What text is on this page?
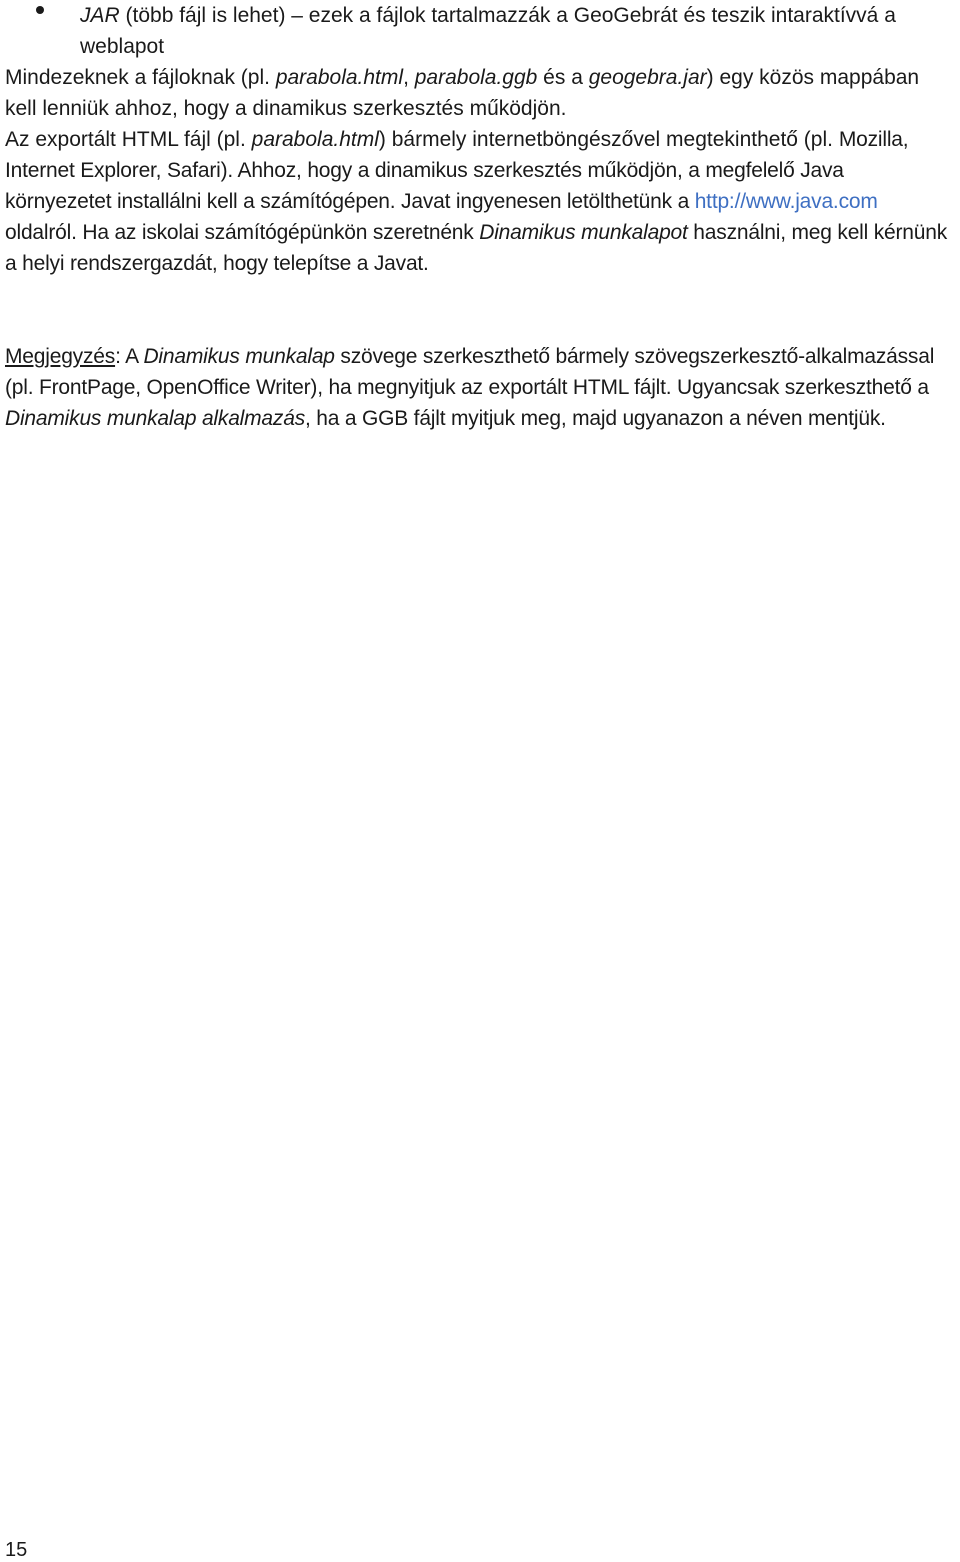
JAR (több fájl is lehet) – ezek a fájlok tartalmazzák a GeoGebrát és teszik intaraktívvá a weblapot
Mindezeknek a fájloknak (pl. parabola.html, parabola.ggb és a geogebra.jar) egy közös mappában kell lenniük ahhoz, hogy a dinamikus szerkesztés működjön.
Az exportált HTML fájl (pl. parabola.html) bármely internetböngészővel megtekinthető (pl. Mozilla, Internet Explorer, Safari). Ahhoz, hogy a dinamikus szerkesztés működjön, a megfelelő Java környezetet installálni kell a számítógépen. Javat ingyenesen letölthetünk a http://www.java.com oldalról. Ha az iskolai számítógépünkön szeretnénk Dinamikus munkalapot használni, meg kell kérnünk a helyi rendszergazdát, hogy telepítse a Javat.
Megjegyzés: A Dinamikus munkalap szövege szerkeszthető bármely szövegszerkesztő-alkalmazással (pl. FrontPage, OpenOffice Writer), ha megnyitjuk az exportált HTML fájlt. Ugyancsak szerkeszthető a Dinamikus munkalap alkalmazás, ha a GGB fájlt myitjuk meg, majd ugyanazon a néven mentjük.
15
